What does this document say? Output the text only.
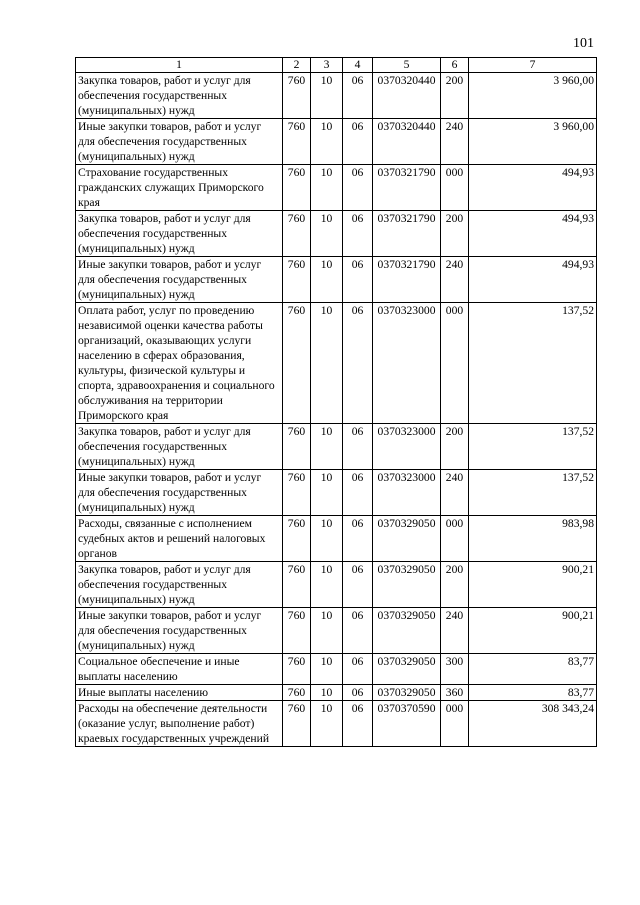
101
1	2	3	4	5	6	7
Закупка товаров, работ и услуг для обеспечения государственных (муниципальных) нужд	760	10	06	0370320440	200	3 960,00
Иные закупки товаров, работ и услуг для обеспечения государственных (муниципальных) нужд	760	10	06	0370320440	240	3 960,00
Страхование государственных гражданских служащих Приморского края	760	10	06	0370321790	000	494,93
Закупка товаров, работ и услуг для обеспечения государственных (муниципальных) нужд	760	10	06	0370321790	200	494,93
Иные закупки товаров, работ и услуг для обеспечения государственных (муниципальных) нужд	760	10	06	0370321790	240	494,93
Оплата работ, услуг по проведению независимой оценки качества работы организаций, оказывающих услуги населению в сферах образования, культуры, физической культуры и спорта, здравоохранения и социального обслуживания на территории Приморского края	760	10	06	0370323000	000	137,52
Закупка товаров, работ и услуг для обеспечения государственных (муниципальных) нужд	760	10	06	0370323000	200	137,52
Иные закупки товаров, работ и услуг для обеспечения государственных (муниципальных) нужд	760	10	06	0370323000	240	137,52
Расходы, связанные с исполнением судебных актов и решений налоговых органов	760	10	06	0370329050	000	983,98
Закупка товаров, работ и услуг для обеспечения государственных (муниципальных) нужд	760	10	06	0370329050	200	900,21
Иные закупки товаров, работ и услуг для обеспечения государственных (муниципальных) нужд	760	10	06	0370329050	240	900,21
Социальное обеспечение и иные выплаты населению	760	10	06	0370329050	300	83,77
Иные выплаты населению	760	10	06	0370329050	360	83,77
Расходы на обеспечение деятельности (оказание услуг, выполнение работ) краевых государственных учреждений	760	10	06	0370370590	000	308 343,24
